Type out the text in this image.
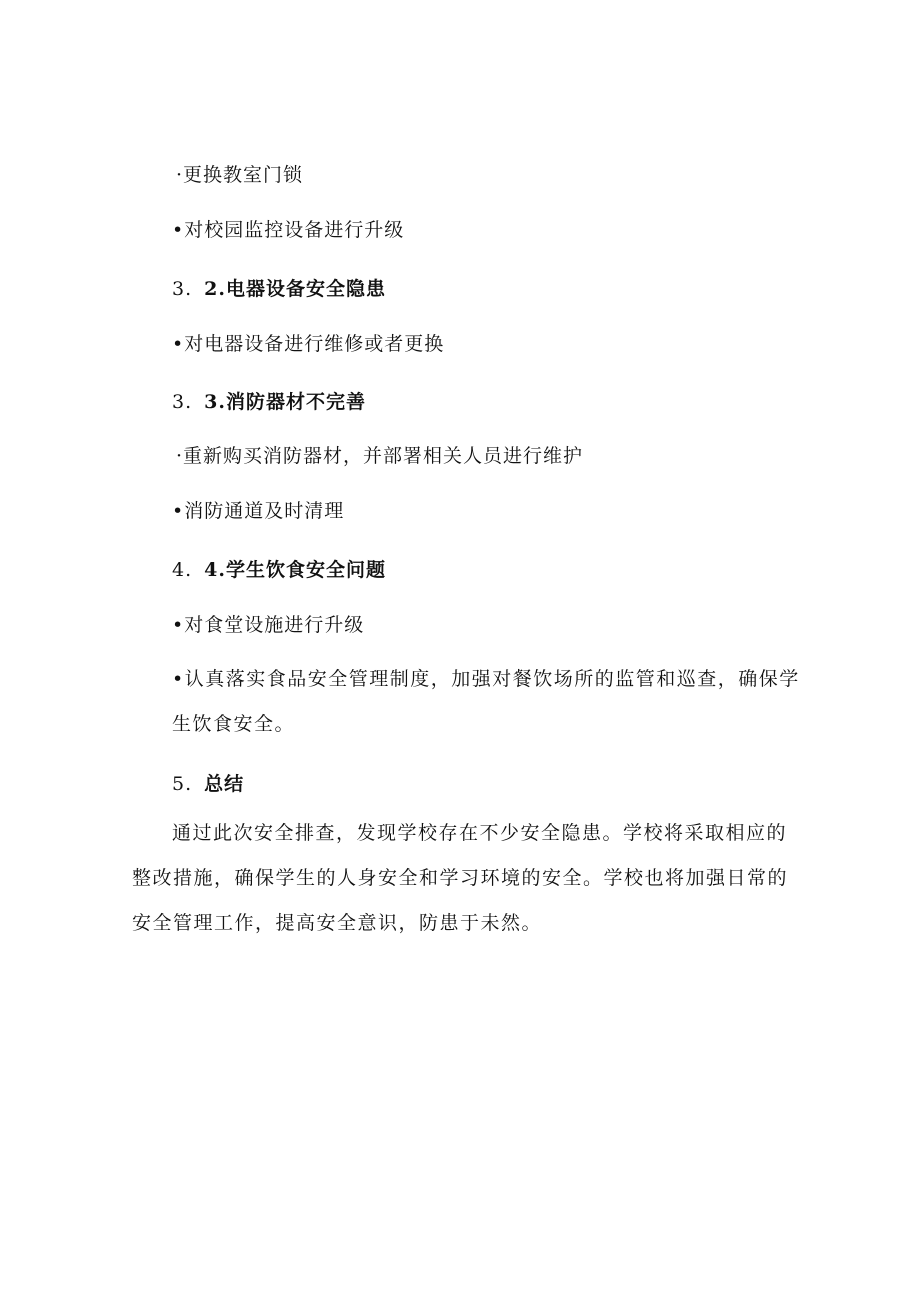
·更换教室门锁
•对校园监控设备进行升级
3. 2.电器设备安全隐患
•对电器设备进行维修或者更换
3. 3.消防器材不完善
·重新购买消防器材，并部署相关人员进行维护
•消防通道及时清理
4. 4.学生饮食安全问题
•对食堂设施进行升级
•认真落实食品安全管理制度，加强对餐饮场所的监管和巡查，确保学生饮食安全。
5. 总结
通过此次安全排查，发现学校存在不少安全隐患。学校将采取相应的整改措施，确保学生的人身安全和学习环境的安全。学校也将加强日常的安全管理工作，提高安全意识，防患于未然。
